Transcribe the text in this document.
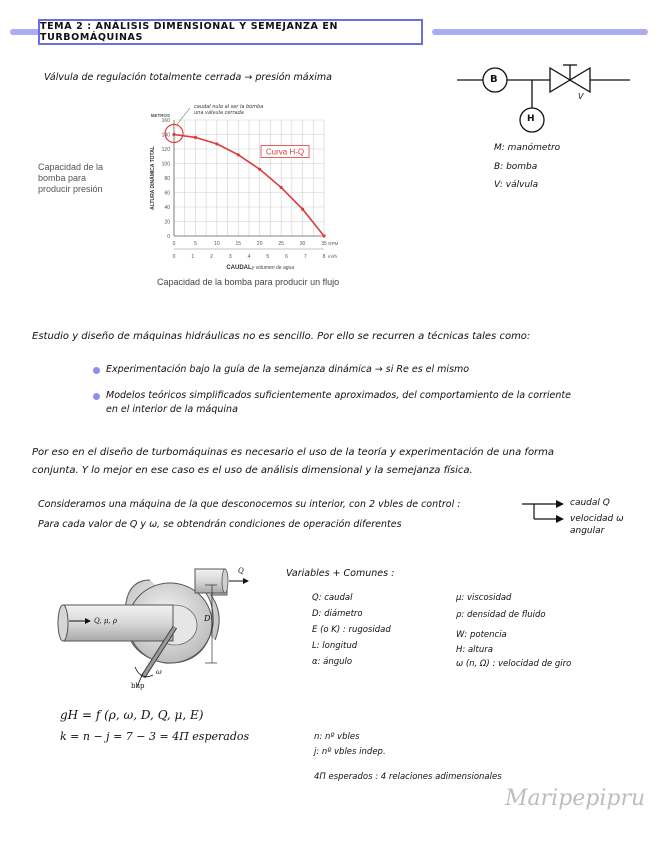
TEMA 2 : ANÁLISIS DIMENSIONAL Y SEMEJANZA EN TURBOMÁQUINAS
Válvula de regulación totalmente cerrada → presión máxima	B
V
H
M: manómetro
B: bomba
V: válvula
Capacidad de la bomba para producir presión
Capacidad de la bomba para producir un flujo
caudal nulo al ser la bomba una válvula cerrada
0
20
40
60
80
100
120
140
160
0	5	10	15	20	25	30	35
0	1	2	3	4	5	6	7	8
GPM
m³/h
METROS
CAUDAL y volumen de agua
ALTURA DINÁMICA TOTAL	Curva H-Q
Estudio y diseño de máquinas hidráulicas no es sencillo. Por ello se recurren a técnicas tales como:
Experimentación bajo la guía de la semejanza dinámica → si Re es el mismo
Modelos teóricos simplificados suficientemente aproximados, del comportamiento de la corriente
en el interior de la máquina
Por eso en el diseño de turbomáquinas es necesario el uso de la teoría y experimentación de una forma
conjunta. Y lo mejor en ese caso es el uso de análisis dimensional y la semejanza física.
Consideramos una máquina de la que desconocemos su interior, con 2 vbles de control :
Para cada valor de Q y ω, se obtendrán condiciones de operación diferentes
caudal Q
velocidad ω
angular
Q, μ, ρ
Q
D
ω
bhp
Variables + Comunes :
Q: caudal
D: diámetro
E (o K) : rugosidad
L: longitud
α: ángulo
μ: viscosidad
ρ: densidad de fluido
W: potencia
H: altura
ω (n, Ω) : velocidad de giro
gH = f (ρ, ω, D, Q, μ, E)
k = n − j = 7 − 3 = 4Π esperados	n: nº vbles
j: nº vbles indep.
4Π esperados : 4 relaciones adimensionales
Maripepipru
